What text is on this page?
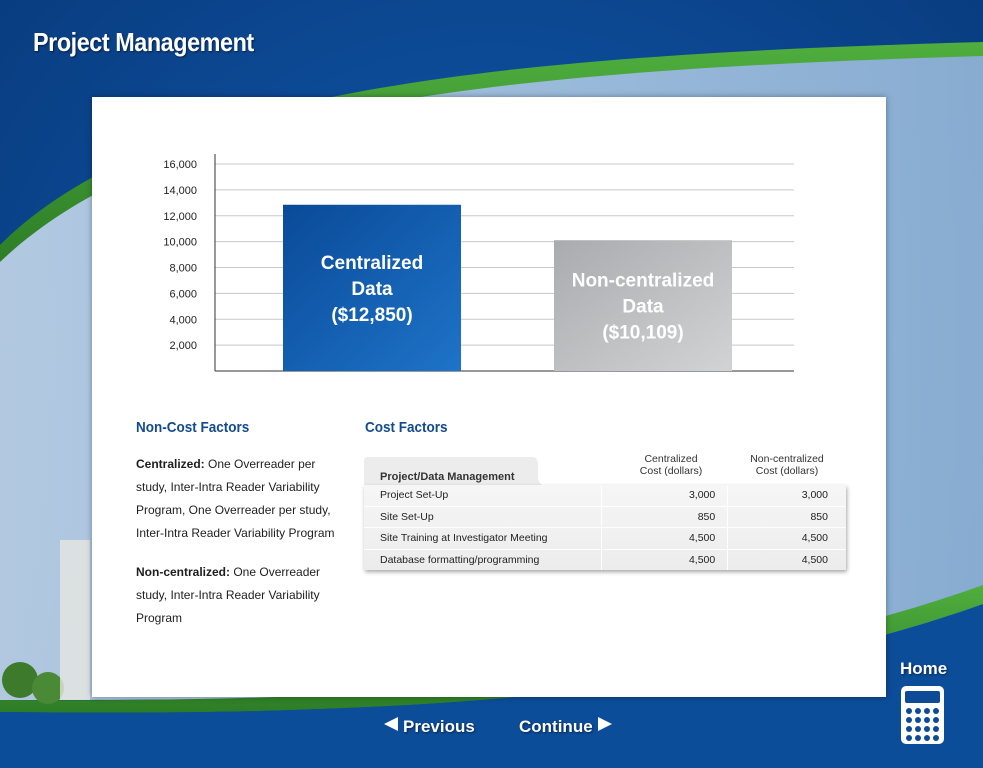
Project Management
2,000
4,000
6,000
8,000
10,000
12,000
14,000
16,000
Centralized
Data
($12,850)
Non-centralized
Data
($10,109)
Non-Cost Factors

Centralized: One Overreader per study, Inter-Intra Reader Variability Program, One Overreader per study, Inter-Intra Reader Variability Program

Non-centralized: One Overreader study, Inter-Intra Reader Variability Program

Cost Factors
Project/Data Management
Centralized
Cost (dollars)
Non-centralized
Cost (dollars)
Project Set-Up	3,000	3,000
Site Set-Up	850	850
Site Training at Investigator Meeting	4,500	4,500
Database formatting/programming	4,500	4,500
Previous	Continue
Home
